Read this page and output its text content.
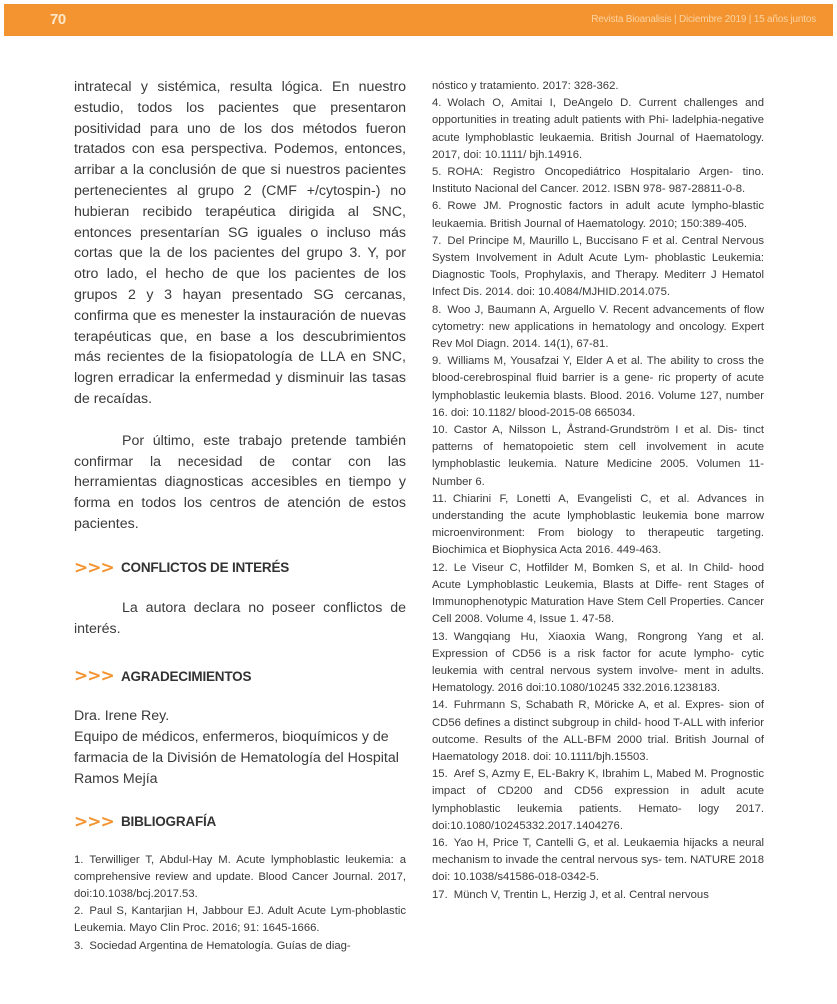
70	Revista Bioanalisis | Diciembre 2019 | 15 años juntos

intratecal y sistémica, resulta lógica. En nuestro estudio, todos los pacientes que presentaron positividad para uno de los dos métodos fueron tratados con esa perspectiva. Podemos, entonces, arribar a la conclusión de que si nuestros pacientes pertenecientes al grupo 2 (CMF +/cytospin-) no hubieran recibido terapéutica dirigida al SNC, entonces presentarían SG iguales o incluso más cortas que la de los pacientes del grupo 3. Y, por otro lado, el hecho de que los pacientes de los grupos 2 y 3 hayan presentado SG cercanas, confirma que es menester la instauración de nuevas terapéuticas que, en base a los descubrimientos más recientes de la fisiopatología de LLA en SNC, logren erradicar la enfermedad y disminuir las tasas de recaídas.

Por último, este trabajo pretende también confirmar la necesidad de contar con las herramientas diagnosticas accesibles en tiempo y forma en todos los centros de atención de estos pacientes.

>>> CONFLICTOS DE INTERÉS

La autora declara no poseer conflictos de interés.

>>> AGRADECIMIENTOS

Dra. Irene Rey.

Equipo de médicos, enfermeros, bioquímicos y de farmacia de la División de Hematología del Hospital Ramos Mejía

>>> BIBLIOGRAFÍA

1. Terwilliger T, Abdul-Hay M. Acute lymphoblastic leukemia: a comprehensive review and update. Blood Cancer Journal. 2017, doi:10.1038/bcj.2017.53.

2. Paul S, Kantarjian H, Jabbour EJ. Adult Acute Lym-phoblastic Leukemia. Mayo Clin Proc. 2016; 91: 1645-1666.

3. Sociedad Argentina de Hematología. Guías de diag-

nóstico y tratamiento. 2017: 328-362.

4. Wolach O, Amitai I, DeAngelo D. Current challenges and opportunities in treating adult patients with Phi- ladelphia-negative acute lymphoblastic leukaemia. British Journal of Haematology. 2017, doi: 10.1111/ bjh.14916.

5. ROHA: Registro Oncopediátrico Hospitalario Argen- tino. Instituto Nacional del Cancer. 2012. ISBN 978- 987-28811-0-8.

6. Rowe JM. Prognostic factors in adult acute lympho-blastic leukaemia. British Journal of Haematology. 2010; 150:389-405.

7. Del Principe M, Maurillo L, Buccisano F et al. Central Nervous System Involvement in Adult Acute Lym- phoblastic Leukemia: Diagnostic Tools, Prophylaxis, and Therapy. Mediterr J Hematol Infect Dis. 2014. doi: 10.4084/MJHID.2014.075.

8. Woo J, Baumann A, Arguello V. Recent advancements of flow cytometry: new applications in hematology and oncology. Expert Rev Mol Diagn. 2014. 14(1), 67-81.

9. Williams M, Yousafzai Y, Elder A et al. The ability to cross the blood-cerebrospinal fluid barrier is a gene- ric property of acute lymphoblastic leukemia blasts. Blood. 2016. Volume 127, number 16. doi: 10.1182/ blood-2015-08 665034.

10. Castor A, Nilsson L, Åstrand-Grundström I et al. Dis- tinct patterns of hematopoietic stem cell involvement in acute lymphoblastic leukemia. Nature Medicine 2005. Volumen 11- Number 6.

11. Chiarini F, Lonetti A, Evangelisti C, et al. Advances in understanding the acute lymphoblastic leukemia bone marrow microenvironment: From biology to therapeutic targeting. Biochimica et Biophysica Acta 2016. 449-463.

12. Le Viseur C, Hotfilder M, Bomken S, et al. In Child- hood Acute Lymphoblastic Leukemia, Blasts at Diffe- rent Stages of Immunophenotypic Maturation Have Stem Cell Properties. Cancer Cell 2008. Volume 4, Issue 1. 47-58.

13. Wangqiang Hu, Xiaoxia Wang, Rongrong Yang et al. Expression of CD56 is a risk factor for acute lympho- cytic leukemia with central nervous system involve- ment in adults. Hematology. 2016 doi:10.1080/10245 332.2016.1238183.

14. Fuhrmann S, Schabath R, Möricke A, et al. Expres- sion of CD56 defines a distinct subgroup in child- hood T-ALL with inferior outcome. Results of the ALL-BFM 2000 trial. British Journal of Haematology 2018. doi: 10.1111/bjh.15503.

15. Aref S, Azmy E, EL-Bakry K, Ibrahim L, Mabed M. Prognostic impact of CD200 and CD56 expression in adult acute lymphoblastic leukemia patients. Hemato- logy 2017. doi:10.1080/10245332.2017.1404276.

16. Yao H, Price T, Cantelli G, et al. Leukaemia hijacks a neural mechanism to invade the central nervous sys- tem. NATURE 2018 doi: 10.1038/s41586-018-0342-5.

17. Münch V, Trentin L, Herzig J, et al. Central nervous
